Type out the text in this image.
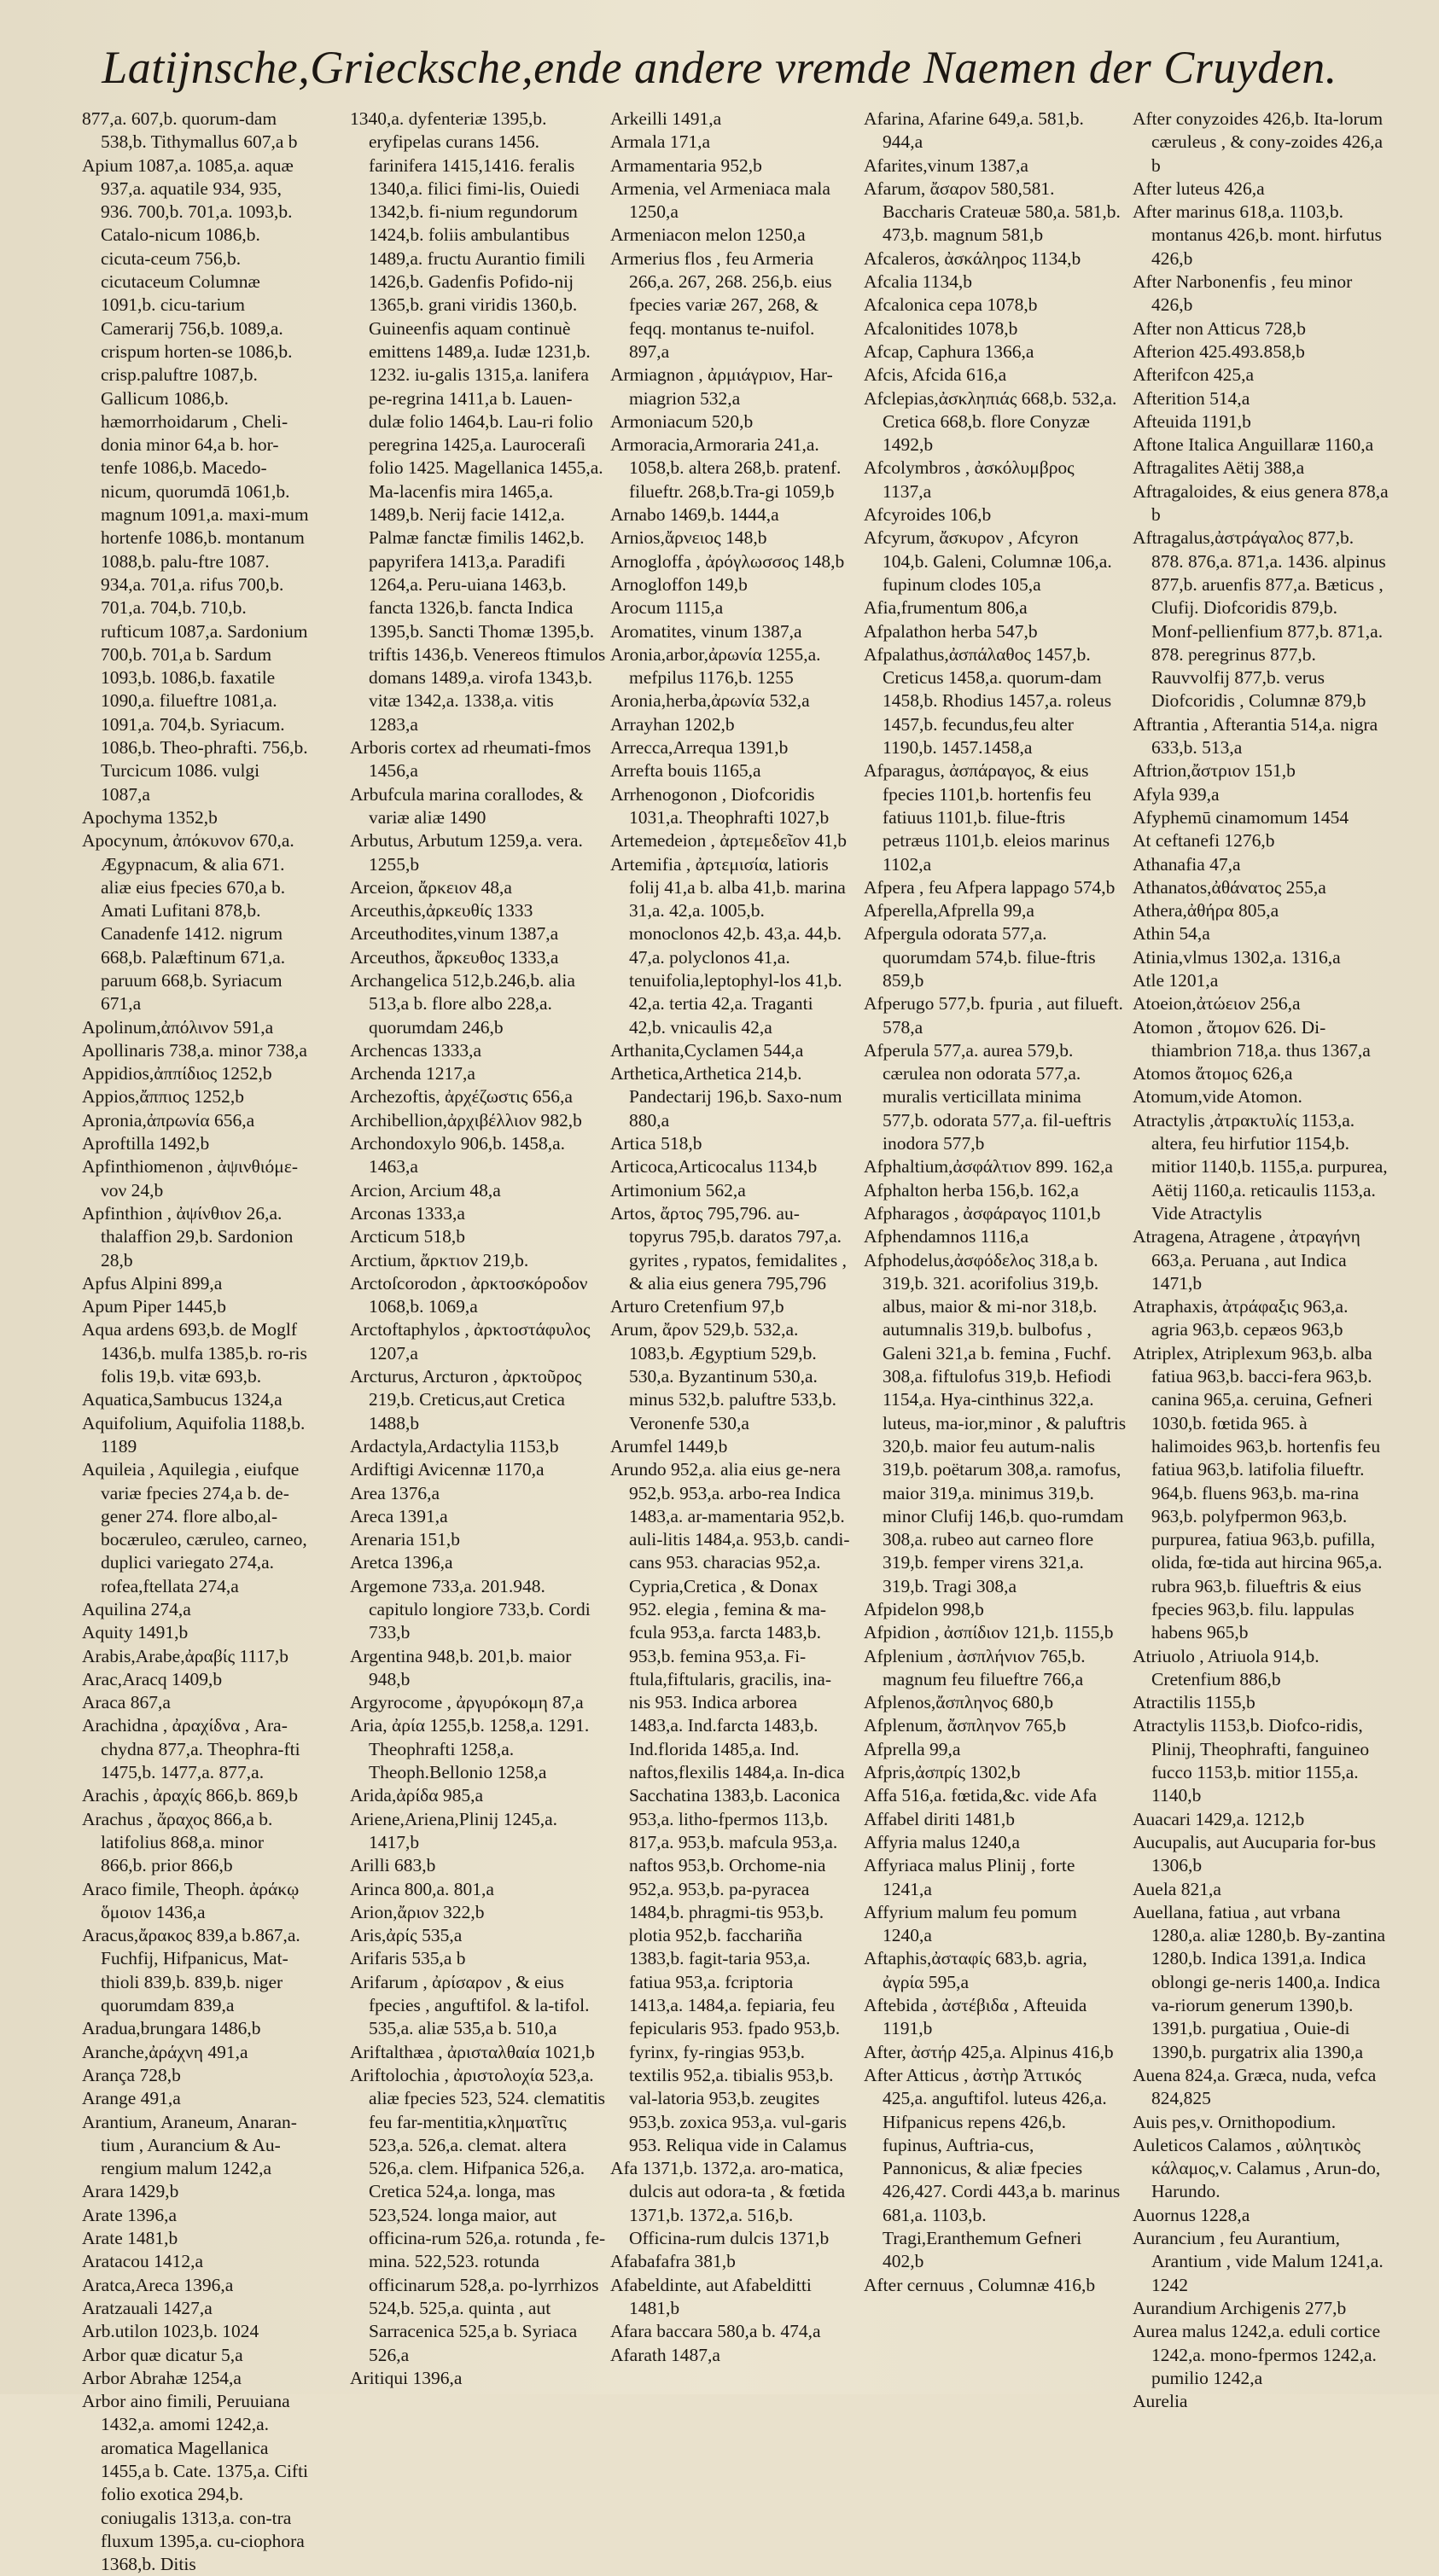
Latijnsche,Griecksche,ende andere vremde Naemen der Cruyden.

877,a. 607,b. quorum-dam 538,b. Tithymallus 607,a b

Apium 1087,a. 1085,a. aquæ 937,a. aquatile 934, 935, 936. 700,b. 701,a. 1093,b. Catalo-nicum 1086,b. cicuta-ceum 756,b. cicutaceum Columnæ 1091,b. cicu-tarium Camerarij 756,b. 1089,a. crispum horten-se 1086,b. crisp.paluftre 1087,b. Gallicum 1086,b. hæmorrhoidarum , Cheli-donia minor 64,a b. hor-tenfe 1086,b. Macedo-nicum, quorumdā 1061,b. magnum 1091,a. maxi-mum hortenfe 1086,b. montanum 1088,b. palu-ftre 1087. 934,a. 701,a. rifus 700,b. 701,a. 704,b. 710,b. rufticum 1087,a. Sardonium 700,b. 701,a b. Sardum 1093,b. 1086,b. faxatile 1090,a. filueftre 1081,a. 1091,a. 704,b. Syriacum. 1086,b. Theo-phrafti. 756,b. Turcicum 1086. vulgi 1087,a

Apochyma 1352,b

Apocynum, ἀπόκυνον 670,a. Ægypnacum, & alia 671. aliæ eius fpecies 670,a b. Amati Lufitani 878,b. Canadenfe 1412. nigrum 668,b. Palæftinum 671,a. paruum 668,b. Syriacum 671,a

Apolinum,ἀπόλινον 591,a

Apollinaris 738,a. minor 738,a

Appidios,ἀππίδιος 1252,b

Appios,ἄππιος 1252,b

Apronia,ἀπρωνία 656,a

Aproftilla 1492,b

Apfinthiomenon , ἀψινθιόμε-νον 24,b

Apfinthion , ἀψίνθιον 26,a. thalaffion 29,b. Sardonion 28,b

Apfus Alpini 899,a

Apum Piper 1445,b

Aqua ardens 693,b. de Moglf 1436,b. mulfa 1385,b. ro-ris folis 19,b. vitæ 693,b.

Aquatica,Sambucus 1324,a

Aquifolium, Aquifolia 1188,b. 1189

Aquileia , Aquilegia , eiufque variæ fpecies 274,a b. de-gener 274. flore albo,al-bocæruleo, cæruleo, carneo, duplici variegato 274,a. rofea,ftellata 274,a

Aquilina 274,a

Aquity 1491,b

Arabis,Arabe,ἀραβίς 1117,b

Arac,Aracq 1409,b

Araca 867,a

Arachidna , ἀραχίδνα , Ara-chydna 877,a. Theophra-fti 1475,b. 1477,a. 877,a.

Arachis , ἀραχίς 866,b. 869,b

Arachus , ἄραχος 866,a b. latifolius 868,a. minor 866,b. prior 866,b

Araco fimile, Theoph. ἀράκῳ ὅμοιον 1436,a

Aracus,ἄρακος 839,a b.867,a. Fuchfij, Hifpanicus, Mat-thioli 839,b. 839,b. niger quorumdam 839,a

Aradua,brungara 1486,b

Aranche,ἀράχνη 491,a

Arança 728,b

Arange 491,a

Arantium, Araneum, Anaran-tium , Aurancium & Au-rengium malum 1242,a

Arara 1429,b

Arate 1396,a

Arate 1481,b

Aratacou 1412,a

Aratca,Areca 1396,a

Aratzauali 1427,a

Arb.utilon 1023,b. 1024

Arbor quæ dicatur 5,a

Arbor Abrahæ 1254,a

Arbor aino fimili, Peruuiana 1432,a. amomi 1242,a. aromatica Magellanica 1455,a b. Cate. 1375,a. Cifti folio exotica 294,b. coniugalis 1313,a. con-tra fluxum 1395,a. cu-ciophora 1368,b. Ditis

1340,a. dyfenteriæ 1395,b. eryfipelas curans 1456. farinifera 1415,1416. feralis 1340,a. filici fimi-lis, Ouiedi 1342,b. fi-nium regundorum 1424,b. foliis ambulantibus 1489,a. fructu Aurantio fimili 1426,b. Gadenfis Pofido-nij 1365,b. grani viridis 1360,b. Guineenfis aquam continuè emittens 1489,a. Iudæ 1231,b. 1232. iu-galis 1315,a. lanifera pe-regrina 1411,a b. Lauen-dulæ folio 1464,b. Lau-ri folio peregrina 1425,a. Lauroceraſi folio 1425. Magellanica 1455,a. Ma-lacenfis mira 1465,a. 1489,b. Nerij facie 1412,a. Palmæ fanctæ fimilis 1462,b. papyrifera 1413,a. Paradifi 1264,a. Peru-uiana 1463,b. fancta 1326,b. fancta Indica 1395,b. Sancti Thomæ 1395,b. triftis 1436,b. Venereos ftimulos domans 1489,a. virofa 1343,b. vitæ 1342,a. 1338,a. vitis 1283,a

Arboris cortex ad rheumati-fmos 1456,a

Arbufcula marina corallodes, & variæ aliæ 1490

Arbutus, Arbutum 1259,a. vera. 1255,b

Arceion, ἄρκειον 48,a

Arceuthis,ἀρκευθίς 1333

Arceuthodites,vinum 1387,a

Arceuthos, ἄρκευθος 1333,a

Archangelica 512,b.246,b. alia 513,a b. flore albo 228,a. quorumdam 246,b

Archencas 1333,a

Archenda 1217,a

Archezoftis, ἀρχέζωστις 656,a

Archibellion,ἀρχιβέλλιον 982,b

Archondoxylo 906,b. 1458,a. 1463,a

Arcion, Arcium 48,a

Arconas 1333,a

Arcticum 518,b

Arctium, ἄρκτιον 219,b.

Arctoſcorodon , ἀρκτοσκόροδον 1068,b. 1069,a

Arctoftaphylos , ἀρκτοστάφυλος 1207,a

Arcturus, Arcturon , ἀρκτοῦρος 219,b. Creticus,aut Cretica 1488,b

Ardactyla,Ardactylia 1153,b

Ardiftigi Avicennæ 1170,a

Area 1376,a

Areca 1391,a

Arenaria 151,b

Aretca 1396,a

Argemone 733,a. 201.948. capitulo longiore 733,b. Cordi 733,b

Argentina 948,b. 201,b. maior 948,b

Argyrocome , ἀργυρόκομη 87,a

Aria, ἀρία 1255,b. 1258,a. 1291. Theophrafti 1258,a. Theoph.Bellonio 1258,a

Arida,ἀρίδα 985,a

Ariene,Ariena,Plinij 1245,a. 1417,b

Arilli 683,b

Arinca 800,a. 801,a

Arion,ἄριον 322,b

Aris,ἀρίς 535,a

Arifaris 535,a b

Arifarum , ἀρίσαρον , & eius fpecies , anguftifol. & la-tifol. 535,a. aliæ 535,a b. 510,a

Ariftalthæa , ἀρισταλθαία 1021,b

Ariftolochia , ἀριστολοχία 523,a. aliæ fpecies 523, 524. clematitis feu far-mentitia,κληματῖτις 523,a. 526,a. clemat. altera 526,a. clem. Hifpanica 526,a. Cretica 524,a. longa, mas 523,524. longa maior, aut officina-rum 526,a. rotunda , fe-mina. 522,523. rotunda officinarum 528,a. po-lyrrhizos 524,b. 525,a. quinta , aut Sarracenica 525,a b. Syriaca 526,a

Aritiqui 1396,a

Arkeilli 1491,a

Armala 171,a

Armamentaria 952,b

Armenia, vel Armeniaca mala 1250,a

Armeniacon melon 1250,a

Armerius flos , feu Armeria 266,a. 267, 268. 256,b. eius fpecies variæ 267, 268, & feqq. montanus te-nuifol. 897,a

Armiagnon , ἀρμιάγριον, Har-miagrion 532,a

Armoniacum 520,b

Armoracia,Armoraria 241,a. 1058,b. altera 268,b. pratenf. filueftr. 268,b.Tra-gi 1059,b

Arnabo 1469,b. 1444,a

Arnios,ἄρνειος 148,b

Arnogloffa , ἀρόγλωσσος 148,b

Arnogloffon 149,b

Arocum 1115,a

Aromatites, vinum 1387,a

Aronia,arbor,ἀρωνία 1255,a. mefpilus 1176,b. 1255

Aronia,herba,ἀρωνία 532,a

Arrayhan 1202,b

Arrecca,Arrequa 1391,b

Arrefta bouis 1165,a

Arrhenogonon , Diofcoridis 1031,a. Theophrafti 1027,b

Artemedeion , ἀρτεμεδεῖον 41,b

Artemifia , ἀρτεμισία, latioris folij 41,a b. alba 41,b. marina 31,a. 42,a. 1005,b. monoclonos 42,b. 43,a. 44,b. 47,a. polyclonos 41,a. tenuifolia,leptophyl-los 41,b. 42,a. tertia 42,a. Traganti 42,b. vnicaulis 42,a

Arthanita,Cyclamen 544,a

Arthetica,Arthetica 214,b. Pandectarij 196,b. Saxo-num 880,a

Artica 518,b

Articoca,Articocalus 1134,b

Artimonium 562,a

Artos, ἄρτος 795,796. au-topyrus 795,b. daratos 797,a. gyrites , rypatos, femidalites , & alia eius genera 795,796

Arturo Cretenfium 97,b

Arum, ἄρον 529,b. 532,a. 1083,b. Ægyptium 529,b. 530,a. Byzantinum 530,a. minus 532,b. paluftre 533,b. Veronenfe 530,a

Arumfel 1449,b

Arundo 952,a. alia eius ge-nera 952,b. 953,a. arbo-rea Indica 1483,a. ar-mamentaria 952,b. auli-litis 1484,a. 953,b. candi-cans 953. characias 952,a. Cypria,Cretica , & Donax 952. elegia , femina & ma-fcula 953,a. farcta 1483,b. 953,b. femina 953,a. Fi-ftula,fiftularis, gracilis, ina-nis 953. Indica arborea 1483,a. Ind.farcta 1483,b. Ind.florida 1485,a. Ind. naftos,flexilis 1484,a. In-dica Sacchatina 1383,b. Laconica 953,a. litho-fpermos 113,b. 817,a. 953,b. mafcula 953,a. naftos 953,b. Orchome-nia 952,a. 953,b. pa-pyracea 1484,b. phragmi-tis 953,b. plotia 952,b. facchariña 1383,b. fagit-taria 953,a. fatiua 953,a. fcriptoria 1413,a. 1484,a. fepiaria, feu fepicularis 953. fpado 953,b. fyrinx, fy-ringias 953,b. textilis 952,a. tibialis 953,b. val-latoria 953,b. zeugites 953,b. zoxica 953,a. vul-garis 953. Reliqua vide in Calamus

Afa 1371,b. 1372,a. aro-matica, dulcis aut odora-ta , & fœtida 1371,b. 1372,a. 516,b. Officina-rum dulcis 1371,b

Afabafafra 381,b

Afabeldinte, aut Afabelditti 1481,b

Afara baccara 580,a b. 474,a

Afarath 1487,a

Afarina, Afarine 649,a. 581,b. 944,a

Afarites,vinum 1387,a

Afarum, ἄσαρον 580,581. Baccharis Crateuæ 580,a. 581,b. 473,b. magnum 581,b

Afcaleros, ἀσκάληρος 1134,b

Afcalia 1134,b

Afcalonica cepa 1078,b

Afcalonitides 1078,b

Afcap, Caphura 1366,a

Afcis, Afcida 616,a

Afclepias,ἀσκληπιάς 668,b. 532,a. Cretica 668,b. flore Conyzæ 1492,b

Afcolymbros , ἀσκόλυμβρος 1137,a

Afcyroides 106,b

Afcyrum, ἄσκυρον , Afcyron 104,b. Galeni, Columnæ 106,a. fupinum clodes 105,a

Afia,frumentum 806,a

Afpalathon herba 547,b

Afpalathus,ἀσπάλαθος 1457,b. Creticus 1458,a. quorum-dam 1458,b. Rhodius 1457,a. roleus 1457,b. fecundus,feu alter 1190,b. 1457.1458,a

Afparagus, ἀσπάραγος, & eius fpecies 1101,b. hortenfis feu fatiuus 1101,b. filue-ftris petræus 1101,b. eleios marinus 1102,a

Afpera , feu Afpera lappago 574,b

Afperella,Afprella 99,a

Afpergula odorata 577,a. quorumdam 574,b. filue-ftris 859,b

Afperugo 577,b. fpuria , aut filueft. 578,a

Afperula 577,a. aurea 579,b. cærulea non odorata 577,a. muralis verticillata minima 577,b. odorata 577,a. fil-ueftris inodora 577,b

Afphaltium,ἀσφάλτιον 899. 162,a

Afphalton herba 156,b. 162,a

Afpharagos , ἀσφάραγος 1101,b

Afphendamnos 1116,a

Afphodelus,ἀσφόδελος 318,a b. 319,b. 321. acorifolius 319,b. albus, maior & mi-nor 318,b. autumnalis 319,b. bulbofus , Galeni 321,a b. femina , Fuchf. 308,a. fiftulofus 319,b. Hefiodi 1154,a. Hya-cinthinus 322,a. luteus, ma-ior,minor , & paluftris 320,b. maior feu autum-nalis 319,b. poëtarum 308,a. ramofus, maior 319,a. minimus 319,b. minor Clufij 146,b. quo-rumdam 308,a. rubeo aut carneo flore 319,b. femper virens 321,a. 319,b. Tragi 308,a

Afpidelon 998,b

Afpidion , ἀσπίδιον 121,b. 1155,b

Afplenium , ἀσπλήνιον 765,b. magnum feu filueftre 766,a

Afplenos,ἄσπληνος 680,b

Afplenum, ἄσπληνον 765,b

Afprella 99,a

Afpris,ἀσπρίς 1302,b

Affa 516,a. fœtida,&c. vide Afa

Affabel diriti 1481,b

Affyria malus 1240,a

Affyriaca malus Plinij , forte 1241,a

Affyrium malum feu pomum 1240,a

Aftaphis,ἀσταφίς 683,b. agria, ἀγρία 595,a

Aftebida , ἀστέβιδα , Afteuida 1191,b

After, ἀστήρ 425,a. Alpinus 416,b

After Atticus , ἀστὴρ Ἀττικός 425,a. anguftifol. luteus 426,a. Hifpanicus repens 426,b. fupinus, Auftria-cus, Pannonicus, & aliæ fpecies 426,427. Cordi 443,a b. marinus 681,a. 1103,b. Tragi,Eranthemum Gefneri 402,b

After cernuus , Columnæ 416,b

After conyzoides 426,b. Ita-lorum cæruleus , & cony-zoides 426,a b

After luteus 426,a

After marinus 618,a. 1103,b. montanus 426,b. mont. hirfutus 426,b

After Narbonenfis , feu minor 426,b

After non Atticus 728,b

Afterion 425.493.858,b

Afterifcon 425,a

Afterition 514,a

Afteuida 1191,b

Aftone Italica Anguillaræ 1160,a

Aftragalites Aëtij 388,a

Aftragaloides, & eius genera 878,a b

Aftragalus,ἀστράγαλος 877,b. 878. 876,a. 871,a. 1436. alpinus 877,b. aruenfis 877,a. Bæticus , Clufij. Diofcoridis 879,b. Monf-pellienfium 877,b. 871,a. 878. peregrinus 877,b. Rauvvolfij 877,b. verus Diofcoridis , Columnæ 879,b

Aftrantia , Afterantia 514,a. nigra 633,b. 513,a

Aftrion,ἄστριον 151,b

Afyla 939,a

Afyphemū cinamomum 1454

At ceftanefi 1276,b

Athanafia 47,a

Athanatos,ἀθάνατος 255,a

Athera,ἀθήρα 805,a

Athin 54,a

Atinia,vlmus 1302,a. 1316,a

Atle 1201,a

Atoeion,ἀτώειον 256,a

Atomon , ἄτομον 626. Di-thiambrion 718,a. thus 1367,a

Atomos ἄτομος 626,a

Atomum,vide Atomon.

Atractylis ,ἀτρακτυλίς 1153,a. altera, feu hirfutior 1154,b. mitior 1140,b. 1155,a. purpurea, Aëtij 1160,a. reticaulis 1153,a. Vide Atractylis

Atragena, Atragene , ἀτραγήνη 663,a. Peruana , aut Indica 1471,b

Atraphaxis, ἀτράφαξις 963,a. agria 963,b. cepæos 963,b

Atriplex, Atriplexum 963,b. alba fatiua 963,b. bacci-fera 963,b. canina 965,a. ceruina, Gefneri 1030,b. fœtida 965. à halimoides 963,b. hortenfis feu fatiua 963,b. latifolia filueftr. 964,b. fluens 963,b. ma-rina 963,b. polyfpermon 963,b. purpurea, fatiua 963,b. pufilla, olida, fœ-tida aut hircina 965,a. rubra 963,b. filueftris & eius fpecies 963,b. filu. lappulas habens 965,b

Atriuolo , Atriuola 914,b. Cretenfium 886,b

Atractilis 1155,b

Atractylis 1153,b. Diofco-ridis, Plinij, Theophrafti, fanguineo fucco 1153,b. mitior 1155,a. 1140,b

Auacari 1429,a. 1212,b

Aucupalis, aut Aucuparia for-bus 1306,b

Auela 821,a

Auellana, fatiua , aut vrbana 1280,a. aliæ 1280,b. By-zantina 1280,b. Indica 1391,a. Indica oblongi ge-neris 1400,a. Indica va-riorum generum 1390,b. 1391,b. purgatiua , Ouie-di 1390,b. purgatrix alia 1390,a

Auena 824,a. Græca, nuda, vefca 824,825

Auis pes,v. Ornithopodium.

Auleticos Calamos , αὐλητικὸς κάλαμος,v. Calamus , Arun-do, Harundo.

Auornus 1228,a

Aurancium , feu Aurantium, Arantium , vide Malum 1241,a. 1242

Aurandium Archigenis 277,b

Aurea malus 1242,a. eduli cortice 1242,a. mono-fpermos 1242,a. pumilio 1242,a

Aurelia
